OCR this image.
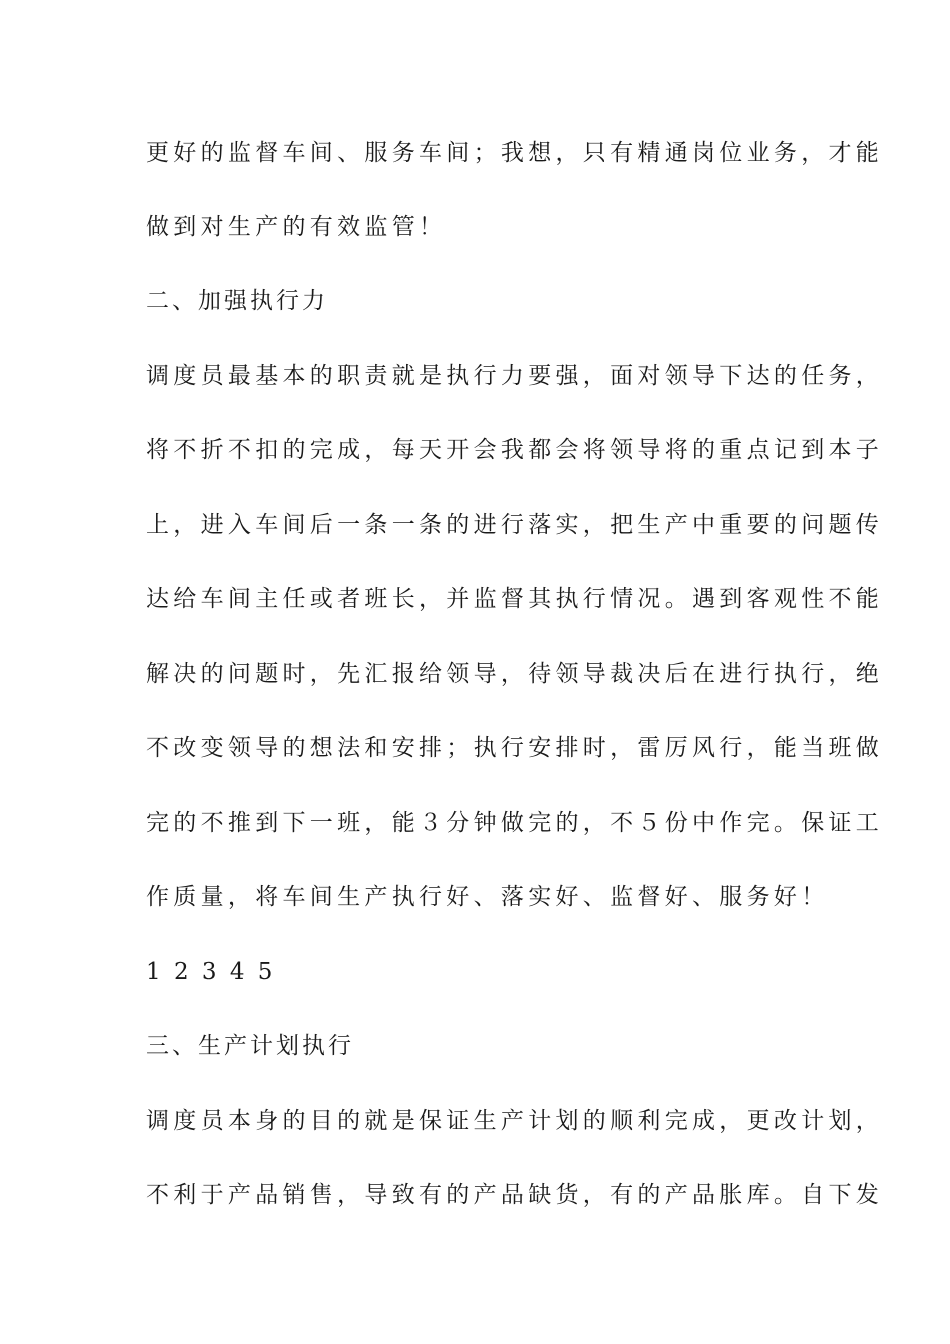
更好的监督车间、服务车间；我想，只有精通岗位业务，才能
做到对生产的有效监管！
二、加强执行力
调度员最基本的职责就是执行力要强，面对领导下达的任务，
将不折不扣的完成，每天开会我都会将领导将的重点记到本子
上，进入车间后一条一条的进行落实，把生产中重要的问题传
达给车间主任或者班长，并监督其执行情况。遇到客观性不能
解决的问题时，先汇报给领导，待领导裁决后在进行执行，绝
不改变领导的想法和安排；执行安排时，雷厉风行，能当班做
完的不推到下一班，能３分钟做完的，不５份中作完。保证工
作质量，将车间生产执行好、落实好、监督好、服务好！
1 2 3 4 5
三、生产计划执行
调度员本身的目的就是保证生产计划的顺利完成，更改计划，
不利于产品销售，导致有的产品缺货，有的产品胀库。自下发
